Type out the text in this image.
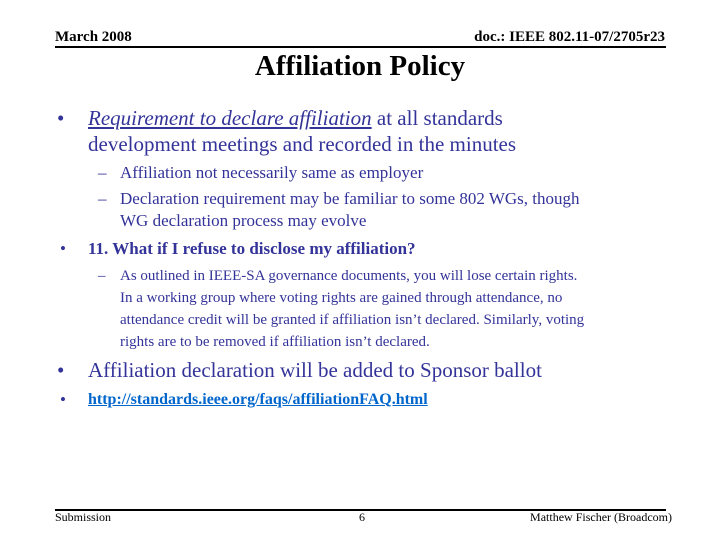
March 2008	doc.: IEEE 802.11-07/2705r23
Affiliation Policy
• Requirement to declare affiliation at all standards
development meetings and recorded in the minutes
– Affiliation not necessarily same as employer
– Declaration requirement may be familiar to some 802 WGs, though
WG declaration process may evolve
• 11. What if I refuse to disclose my affiliation?
– As outlined in IEEE-SA governance documents, you will lose certain rights.
In a working group where voting rights are gained through attendance, no
attendance credit will be granted if affiliation isn’t declared. Similarly, voting
rights are to be removed if affiliation isn’t declared.
• Affiliation declaration will be added to Sponsor ballot
• http://standards.ieee.org/faqs/affiliationFAQ.html
Submission	6	Matthew Fischer (Broadcom)
